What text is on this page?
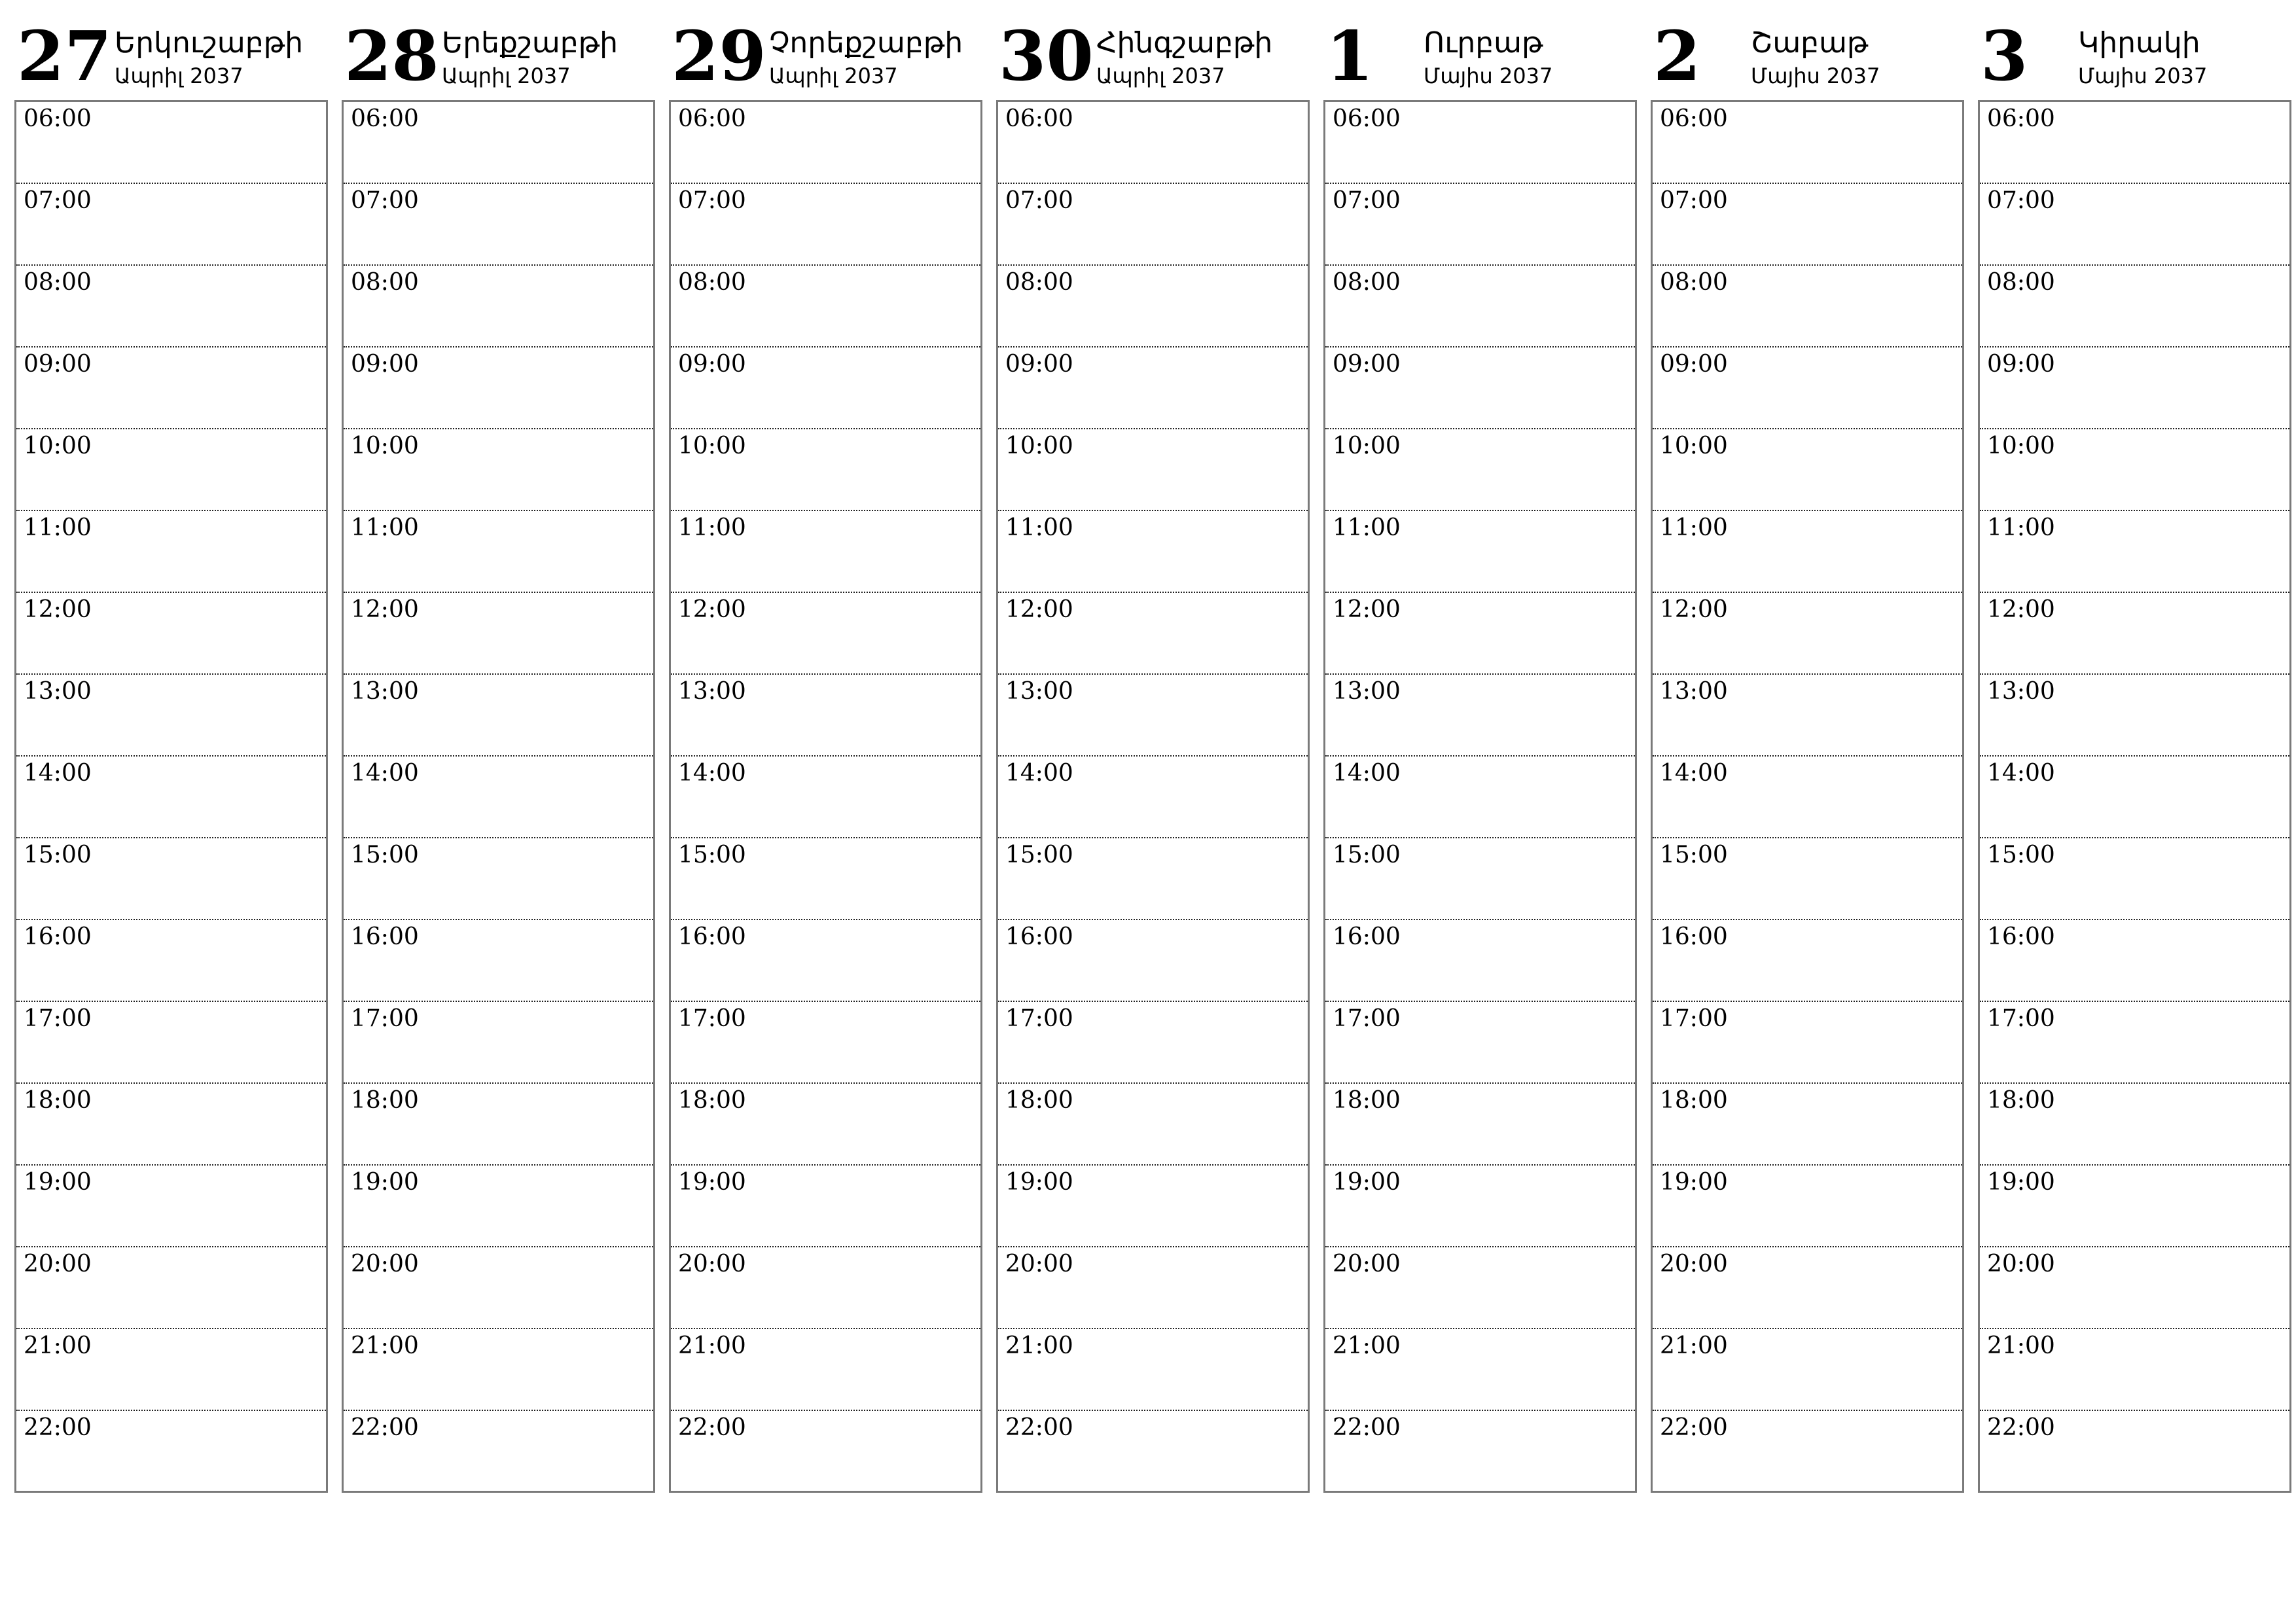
27 Երկուշաբթի
Ապրիլ 2037
06:00
07:00
08:00
09:00
10:00
11:00
12:00
13:00
14:00
15:00
16:00
17:00
18:00
19:00
20:00
21:00
22:00
28 Երեքշաբթի
Ապրիլ 2037
06:00
07:00
08:00
09:00
10:00
11:00
12:00
13:00
14:00
15:00
16:00
17:00
18:00
19:00
20:00
21:00
22:00
29 Չորեքշաբթի
Ապրիլ 2037
06:00
07:00
08:00
09:00
10:00
11:00
12:00
13:00
14:00
15:00
16:00
17:00
18:00
19:00
20:00
21:00
22:00
30 Հինգշաբթի
Ապրիլ 2037
06:00
07:00
08:00
09:00
10:00
11:00
12:00
13:00
14:00
15:00
16:00
17:00
18:00
19:00
20:00
21:00
22:00
1	Ուրբաթ
Մայիս 2037
06:00
07:00
08:00
09:00
10:00
11:00
12:00
13:00
14:00
15:00
16:00
17:00
18:00
19:00
20:00
21:00
22:00
2	Շաբաթ
Մայիս 2037
06:00
07:00
08:00
09:00
10:00
11:00
12:00
13:00
14:00
15:00
16:00
17:00
18:00
19:00
20:00
21:00
22:00
3	Կիրակի
Մայիս 2037
06:00
07:00
08:00
09:00
10:00
11:00
12:00
13:00
14:00
15:00
16:00
17:00
18:00
19:00
20:00
21:00
22:00
